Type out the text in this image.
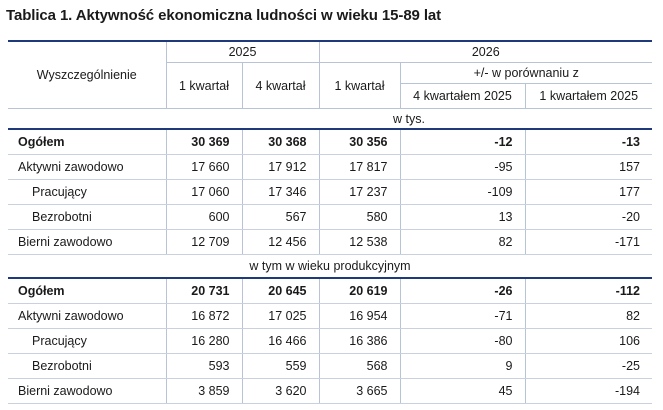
Tablica 1. Aktywność ekonomiczna ludności w wieku 15-89 lat
Wyszczególnienie	2025		2026		
	1 kwartał	4 kwartał	1 kwartał	+/- w porównaniu z	
				4 kwartałem 2025	1 kwartałem 2025
	w tys.				
Ogółem	30 369	30 368	30 356	-12	-13
Aktywni zawodowo	17 660	17 912	17 817	-95	157
Pracujący	17 060	17 346	17 237	-109	177
Bezrobotni	600	567	580	13	-20
Bierni zawodowo	12 709	12 456	12 538	82	-171
w tym w wieku produkcyjnym					
Ogółem	20 731	20 645	20 619	-26	-112
Aktywni zawodowo	16 872	17 025	16 954	-71	82
Pracujący	16 280	16 466	16 386	-80	106
Bezrobotni	593	559	568	9	-25
Bierni zawodowo	3 859	3 620	3 665	45	-194
